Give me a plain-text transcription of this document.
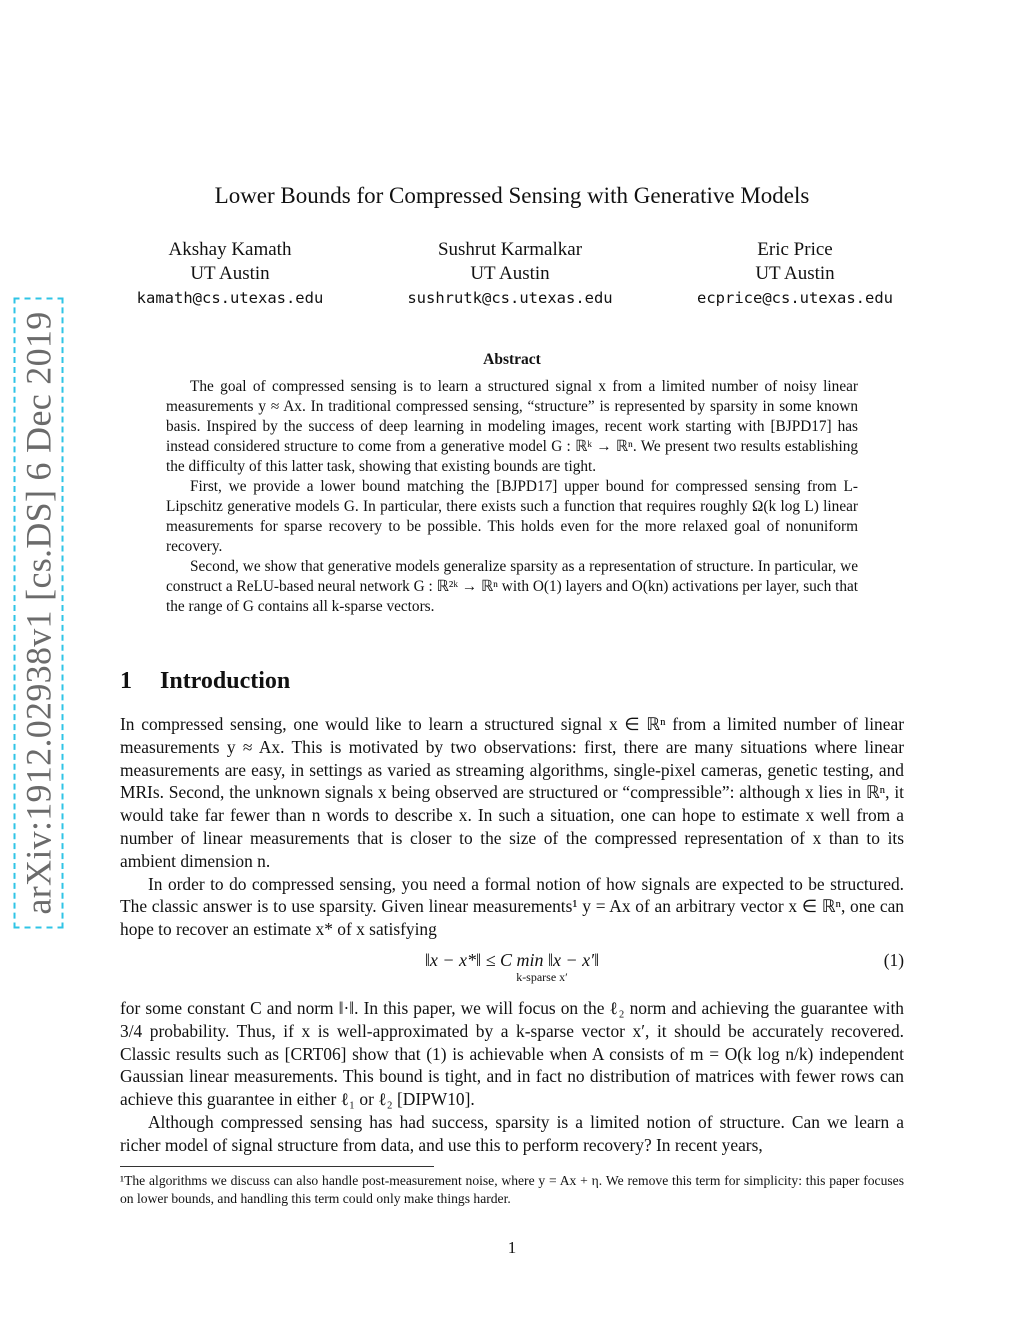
arXiv:1912.02938v1 [cs.DS] 6 Dec 2019
Lower Bounds for Compressed Sensing with Generative Models
Akshay Kamath
UT Austin
kamath@cs.utexas.edu
Sushrut Karmalkar
UT Austin
sushrutk@cs.utexas.edu
Eric Price
UT Austin
ecprice@cs.utexas.edu
Abstract

The goal of compressed sensing is to learn a structured signal x from a limited number of noisy linear measurements y ≈ Ax. In traditional compressed sensing, “structure” is represented by sparsity in some known basis. Inspired by the success of deep learning in modeling images, recent work starting with [BJPD17] has instead considered structure to come from a generative model G : ℝᵏ → ℝⁿ. We present two results establishing the difficulty of this latter task, showing that existing bounds are tight.

First, we provide a lower bound matching the [BJPD17] upper bound for compressed sensing from L-Lipschitz generative models G. In particular, there exists such a function that requires roughly Ω(k log L) linear measurements for sparse recovery to be possible. This holds even for the more relaxed goal of nonuniform recovery.

Second, we show that generative models generalize sparsity as a representation of structure. In particular, we construct a ReLU-based neural network G : ℝ²ᵏ → ℝⁿ with O(1) layers and O(kn) activations per layer, such that the range of G contains all k-sparse vectors.

1 Introduction

In compressed sensing, one would like to learn a structured signal x ∈ ℝⁿ from a limited number of linear measurements y ≈ Ax. This is motivated by two observations: first, there are many situations where linear measurements are easy, in settings as varied as streaming algorithms, single-pixel cameras, genetic testing, and MRIs. Second, the unknown signals x being observed are structured or “compressible”: although x lies in ℝⁿ, it would take far fewer than n words to describe x. In such a situation, one can hope to estimate x well from a number of linear measurements that is closer to the size of the compressed representation of x than to its ambient dimension n.

In order to do compressed sensing, you need a formal notion of how signals are expected to be structured. The classic answer is to use sparsity. Given linear measurements¹ y = Ax of an arbitrary vector x ∈ ℝⁿ, one can hope to recover an estimate x* of x satisfying

‖x − x*‖ ≤ C min ‖x − x′‖
k-sparse x′
(1)

for some constant C and norm ‖·‖. In this paper, we will focus on the ℓ₂ norm and achieving the guarantee with 3/4 probability. Thus, if x is well-approximated by a k-sparse vector x′, it should be accurately recovered. Classic results such as [CRT06] show that (1) is achievable when A consists of m = O(k log n/k) independent Gaussian linear measurements. This bound is tight, and in fact no distribution of matrices with fewer rows can achieve this guarantee in either ℓ₁ or ℓ₂ [DIPW10].

Although compressed sensing has had success, sparsity is a limited notion of structure. Can we learn a richer model of signal structure from data, and use this to perform recovery? In recent years,

¹The algorithms we discuss can also handle post-measurement noise, where y = Ax + η. We remove this term for simplicity: this paper focuses on lower bounds, and handling this term could only make things harder.
1
